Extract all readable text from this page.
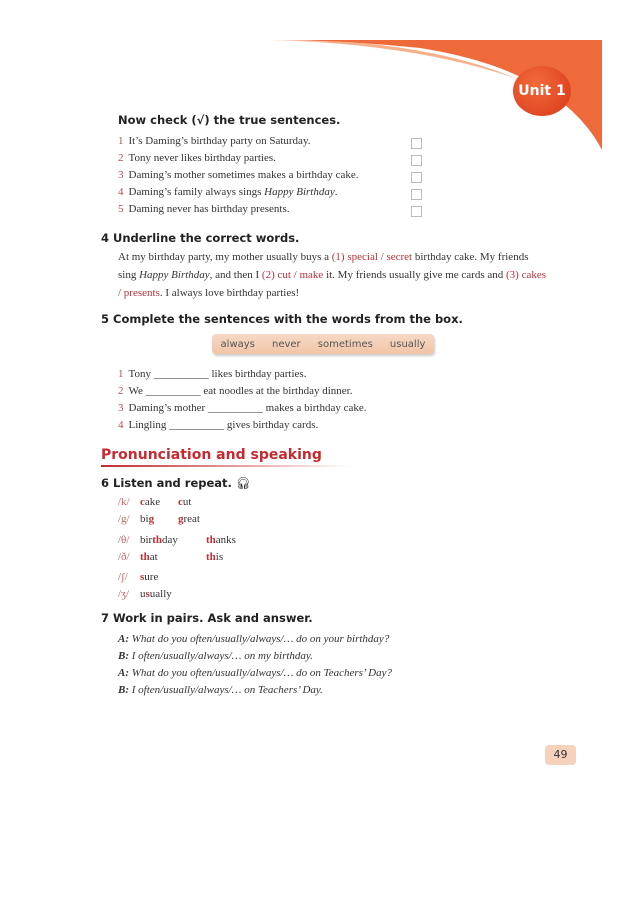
Unit 1
Now check (√) the true sentences.
4 Underline the correct words.
At my birthday party, my mother usually buys a (1) special / secret birthday cake. My friends sing Happy Birthday, and then I (2) cut / make it. My friends usually give me cards and (3) cakes / presents. I always love birthday parties!
5 Complete the sentences with the words from the box.
always never sometimes usually
Pronunciation and speaking
6 Listen and repeat. 🎧︎
7 Work in pairs. Ask and answer.
49
1 It’s Daming’s birthday party on Saturday.
2 Tony never likes birthday parties.
3 Daming’s mother sometimes makes a birthday cake.
4 Daming’s family always sings Happy Birthday.
5 Daming never has birthday presents.
1 Tony __________ likes birthday parties.
2 We __________ eat noodles at the birthday dinner.
3 Daming’s mother __________ makes a birthday cake.
4 Lingling __________ gives birthday cards.
/k/ cake cut
/g/ big great
/θ/ birthday	thanks
/ð/ that	this
/ʃ/ sure
/ʒ/ usually
A: What do you often/usually/always/… do on your birthday?
B: I often/usually/always/… on my birthday.
A: What do you often/usually/always/… do on Teachers’ Day?
B: I often/usually/always/… on Teachers’ Day.
